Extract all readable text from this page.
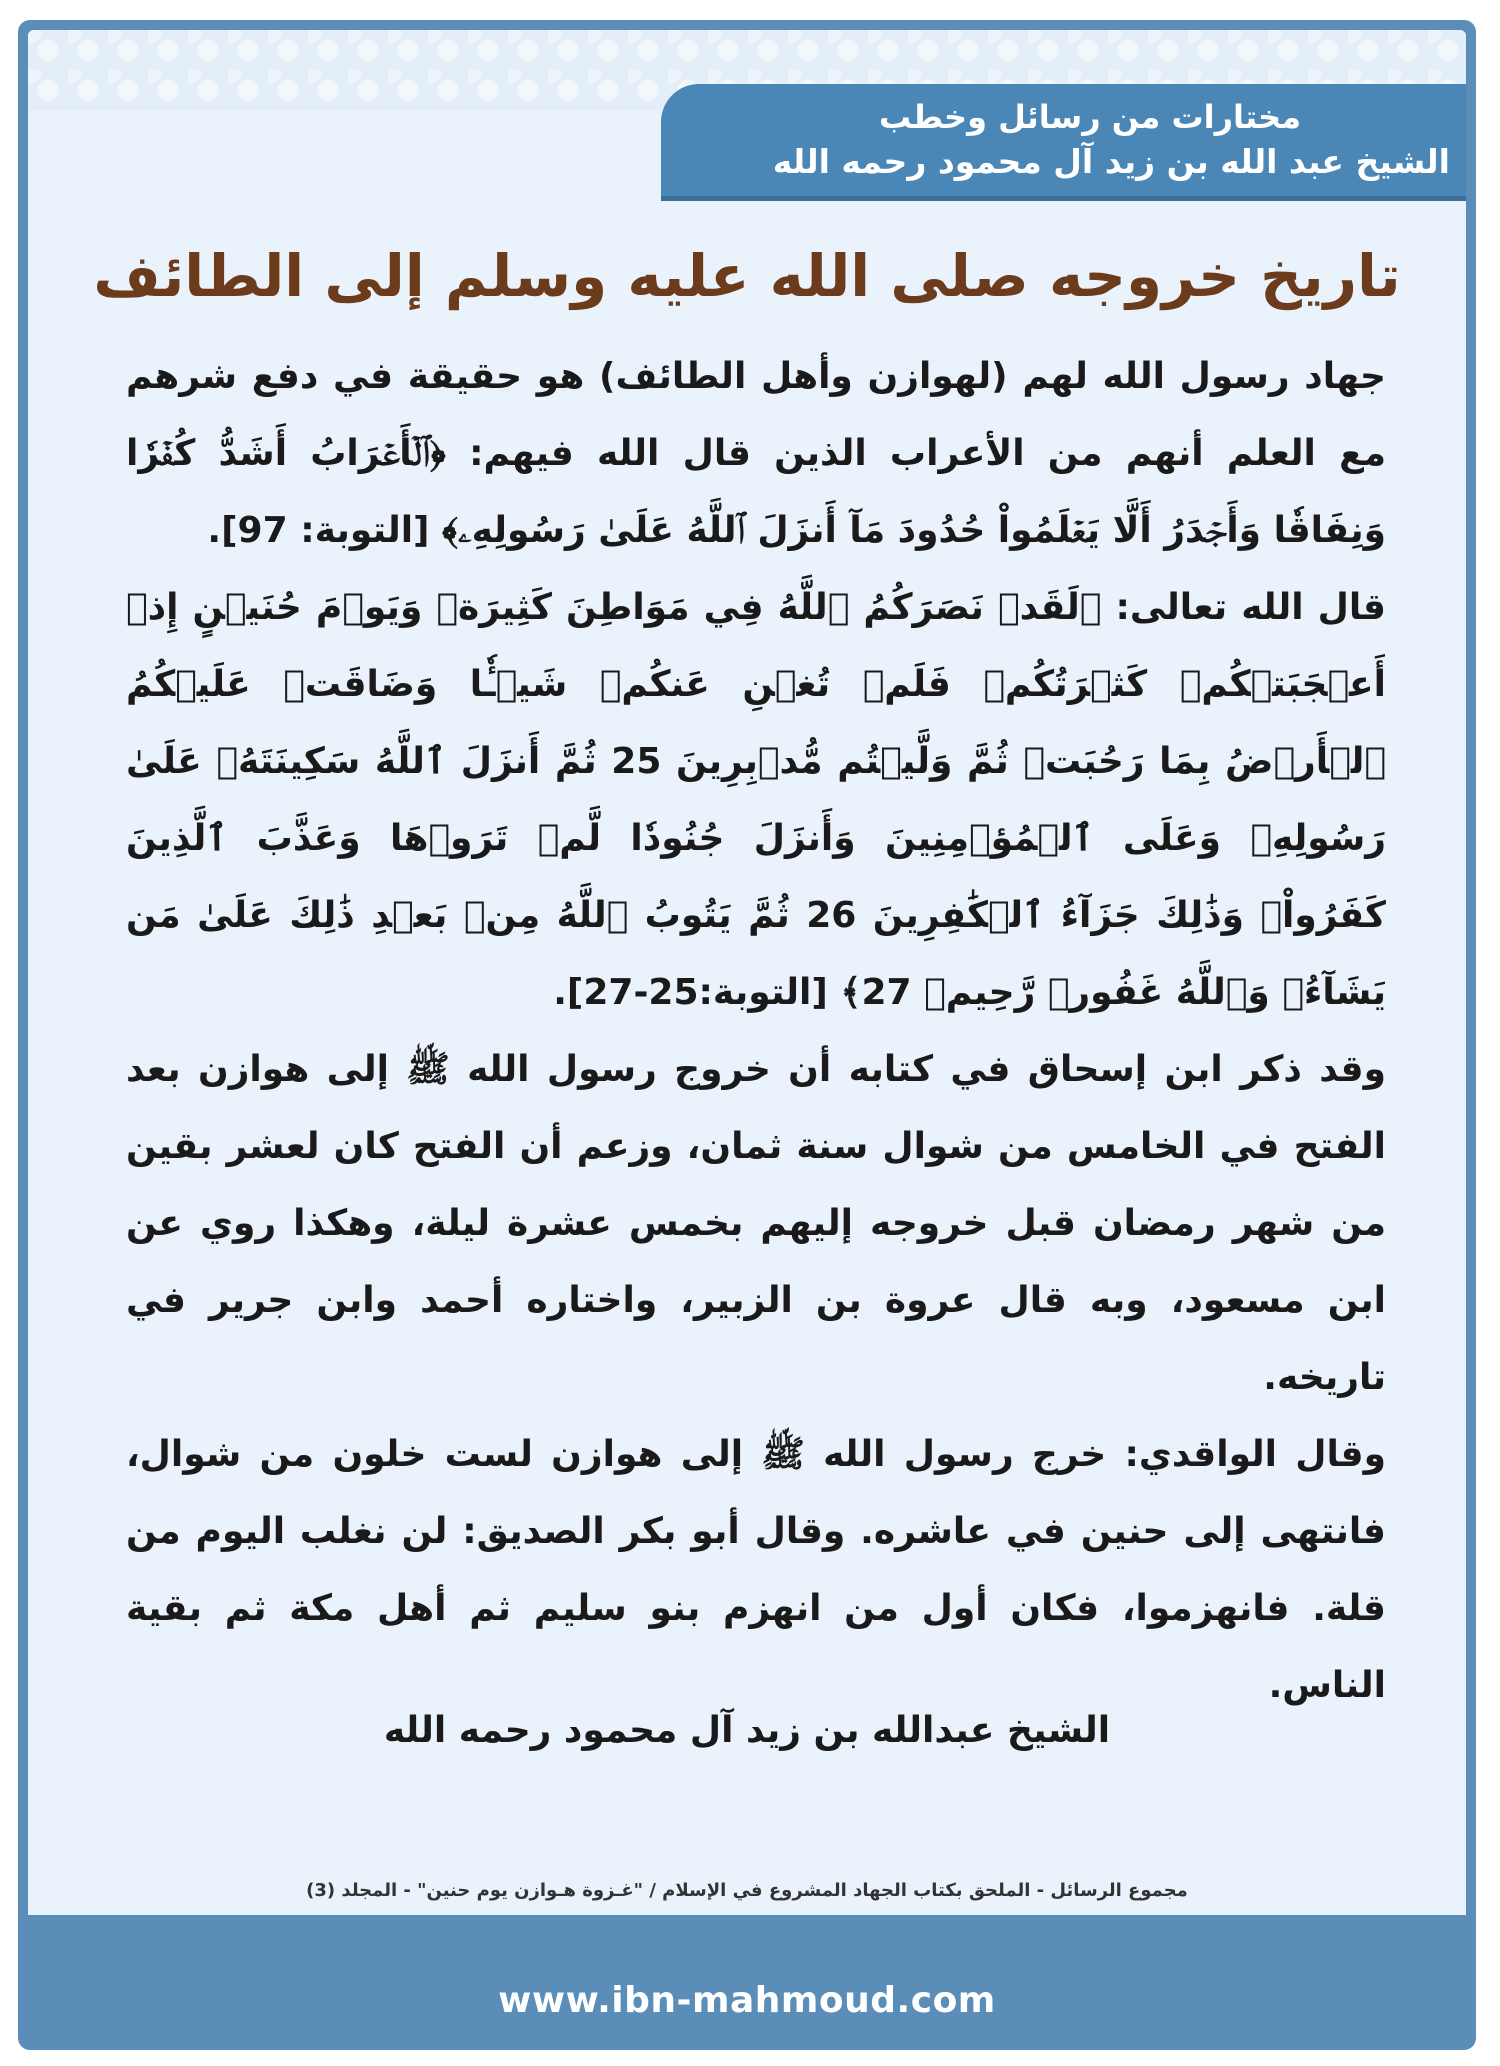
مختارات من رسائل وخطب
الشيخ عبد الله بن زيد آل محمود رحمه الله
تاريخ خروجه صلى الله عليه وسلم إلى الطائف

جهاد رسول الله لهم (لهوازن وأهل الطائف) هو حقيقة في دفع شرهم مع العلم أنهم من الأعراب الذين قال الله فيهم: ﴿ٱلۡأَعۡرَابُ أَشَدُّ كُفۡرٗا وَنِفَاقٗا وَأَجۡدَرُ أَلَّا يَعۡلَمُواْ حُدُودَ مَآ أَنزَلَ ٱللَّهُ عَلَىٰ رَسُولِهِۦ﴾ [التوبة: 97].

قال الله تعالى: ﴿لَقَدۡ نَصَرَكُمُ ٱللَّهُ فِي مَوَاطِنَ كَثِيرَةٖ وَيَوۡمَ حُنَيۡنٍ إِذۡ أَعۡجَبَتۡكُمۡ كَثۡرَتُكُمۡ فَلَمۡ تُغۡنِ عَنكُمۡ شَيۡـٔٗا وَضَاقَتۡ عَلَيۡكُمُ ٱلۡأَرۡضُ بِمَا رَحُبَتۡ ثُمَّ وَلَّيۡتُم مُّدۡبِرِينَ 25 ثُمَّ أَنزَلَ ٱللَّهُ سَكِينَتَهُۥ عَلَىٰ رَسُولِهِۦ وَعَلَى ٱلۡمُؤۡمِنِينَ وَأَنزَلَ جُنُودٗا لَّمۡ تَرَوۡهَا وَعَذَّبَ ٱلَّذِينَ كَفَرُواْۚ وَذَٰلِكَ جَزَآءُ ٱلۡكَٰفِرِينَ 26 ثُمَّ يَتُوبُ ٱللَّهُ مِنۢ بَعۡدِ ذَٰلِكَ عَلَىٰ مَن يَشَآءُۗ وَٱللَّهُ غَفُورٞ رَّحِيمٞ 27﴾ [التوبة:25-27].

وقد ذكر ابن إسحاق في كتابه أن خروج رسول الله ﷺ إلى هوازن بعد الفتح في الخامس من شوال سنة ثمان، وزعم أن الفتح كان لعشر بقين من شهر رمضان قبل خروجه إليهم بخمس عشرة ليلة، وهكذا روي عن ابن مسعود، وبه قال عروة بن الزبير، واختاره أحمد وابن جرير في تاريخه.

وقال الواقدي: خرج رسول الله ﷺ إلى هوازن لست خلون من شوال، فانتهى إلى حنين في عاشره. وقال أبو بكر الصديق: لن نغلب اليوم من قلة. فانهزموا، فكان أول من انهزم بنو سليم ثم أهل مكة ثم بقية الناس.

الشيخ عبدالله بن زيد آل محمود رحمه الله
مجموع الرسائل - الملحق بكتاب الجهاد المشروع في الإسلام / "غـزوة هـوازن يوم حنين" - المجلد (3)
www.ibn-mahmoud.com
